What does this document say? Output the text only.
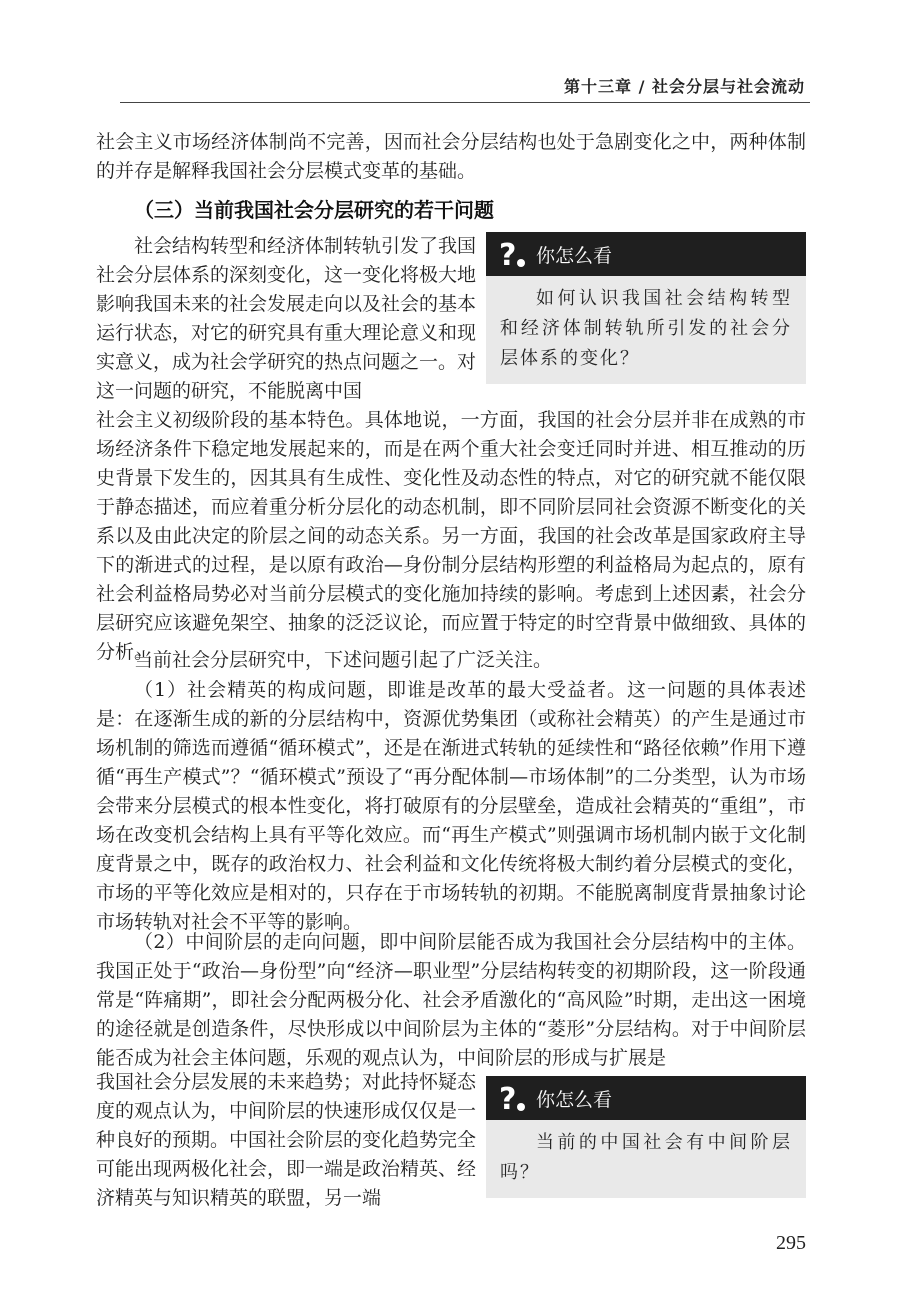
第十三章 / 社会分层与社会流动

社会主义市场经济体制尚不完善，因而社会分层结构也处于急剧变化之中，两种体制的并存是解释我国社会分层模式变革的基础。

（三）当前我国社会分层研究的若干问题

社会结构转型和经济体制转轨引发了我国社会分层体系的深刻变化，这一变化将极大地影响我国未来的社会发展走向以及社会的基本运行状态，对它的研究具有重大理论意义和现实意义，成为社会学研究的热点问题之一。对这一问题的研究，不能脱离中国

? 你怎么看
如何认识我国社会结构转型和经济体制转轨所引发的社会分层体系的变化？

社会主义初级阶段的基本特色。具体地说，一方面，我国的社会分层并非在成熟的市场经济条件下稳定地发展起来的，而是在两个重大社会变迁同时并进、相互推动的历史背景下发生的，因其具有生成性、变化性及动态性的特点，对它的研究就不能仅限于静态描述，而应着重分析分层化的动态机制，即不同阶层同社会资源不断变化的关系以及由此决定的阶层之间的动态关系。另一方面，我国的社会改革是国家政府主导下的渐进式的过程，是以原有政治—身份制分层结构形塑的利益格局为起点的，原有社会利益格局势必对当前分层模式的变化施加持续的影响。考虑到上述因素，社会分层研究应该避免架空、抽象的泛泛议论，而应置于特定的时空背景中做细致、具体的分析。

当前社会分层研究中，下述问题引起了广泛关注。

（1）社会精英的构成问题，即谁是改革的最大受益者。这一问题的具体表述是：在逐渐生成的新的分层结构中，资源优势集团（或称社会精英）的产生是通过市场机制的筛选而遵循“循环模式”，还是在渐进式转轨的延续性和“路径依赖”作用下遵循“再生产模式”？“循环模式”预设了“再分配体制—市场体制”的二分类型，认为市场会带来分层模式的根本性变化，将打破原有的分层壁垒，造成社会精英的“重组”，市场在改变机会结构上具有平等化效应。而“再生产模式”则强调市场机制内嵌于文化制度背景之中，既存的政治权力、社会利益和文化传统将极大制约着分层模式的变化，市场的平等化效应是相对的，只存在于市场转轨的初期。不能脱离制度背景抽象讨论市场转轨对社会不平等的影响。

（2）中间阶层的走向问题，即中间阶层能否成为我国社会分层结构中的主体。我国正处于“政治—身份型”向“经济—职业型”分层结构转变的初期阶段，这一阶段通常是“阵痛期”，即社会分配两极分化、社会矛盾激化的“高风险”时期，走出这一困境的途径就是创造条件，尽快形成以中间阶层为主体的“菱形”分层结构。对于中间阶层能否成为社会主体问题，乐观的观点认为，中间阶层的形成与扩展是

我国社会分层发展的未来趋势；对此持怀疑态度的观点认为，中间阶层的快速形成仅仅是一种良好的预期。中国社会阶层的变化趋势完全可能出现两极化社会，即一端是政治精英、经济精英与知识精英的联盟，另一端

? 你怎么看
当前的中国社会有中间阶层吗？
295
